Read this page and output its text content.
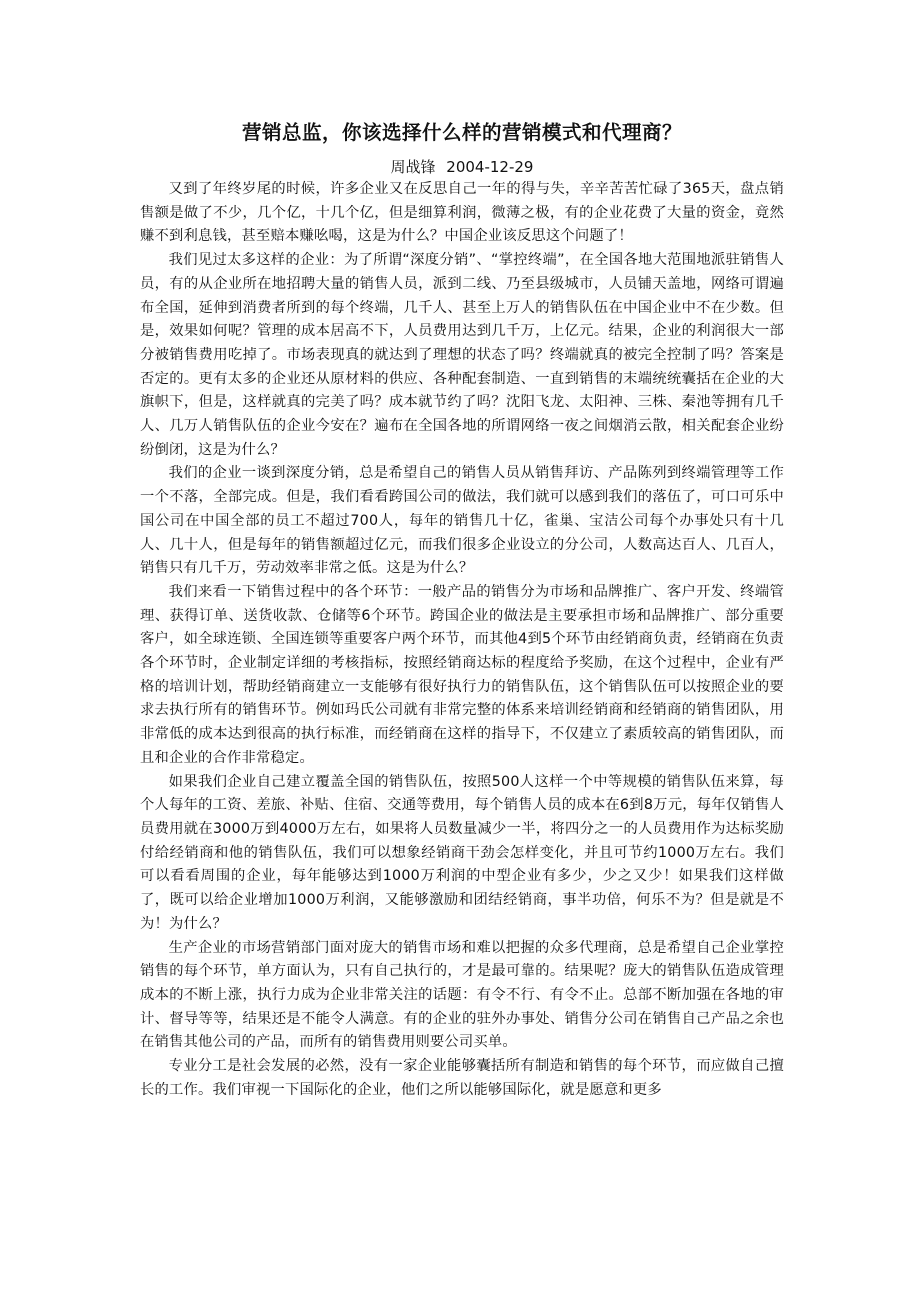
营销总监，你该选择什么样的营销模式和代理商？

周战锋 2004-12-29

又到了年终岁尾的时候，许多企业又在反思自己一年的得与失，辛辛苦苦忙碌了365天，盘点销售额是做了不少，几个亿，十几个亿，但是细算利润，微薄之极，有的企业花费了大量的资金，竟然赚不到利息钱，甚至赔本赚吆喝，这是为什么？中国企业该反思这个问题了！

我们见过太多这样的企业：为了所谓“深度分销”、“掌控终端”，在全国各地大范围地派驻销售人员，有的从企业所在地招聘大量的销售人员，派到二线、乃至县级城市，人员铺天盖地，网络可谓遍布全国，延伸到消费者所到的每个终端，几千人、甚至上万人的销售队伍在中国企业中不在少数。但是，效果如何呢？管理的成本居高不下，人员费用达到几千万，上亿元。结果，企业的利润很大一部分被销售费用吃掉了。市场表现真的就达到了理想的状态了吗？终端就真的被完全控制了吗？答案是否定的。更有太多的企业还从原材料的供应、各种配套制造、一直到销售的末端统统囊括在企业的大旗帜下，但是，这样就真的完美了吗？成本就节约了吗？沈阳飞龙、太阳神、三株、秦池等拥有几千人、几万人销售队伍的企业今安在？遍布在全国各地的所谓网络一夜之间烟消云散，相关配套企业纷纷倒闭，这是为什么？

我们的企业一谈到深度分销，总是希望自己的销售人员从销售拜访、产品陈列到终端管理等工作一个不落，全部完成。但是，我们看看跨国公司的做法，我们就可以感到我们的落伍了，可口可乐中国公司在中国全部的员工不超过700人，每年的销售几十亿，雀巢、宝洁公司每个办事处只有十几人、几十人，但是每年的销售额超过亿元，而我们很多企业设立的分公司，人数高达百人、几百人，销售只有几千万，劳动效率非常之低。这是为什么？

我们来看一下销售过程中的各个环节：一般产品的销售分为市场和品牌推广、客户开发、终端管理、获得订单、送货收款、仓储等6个环节。跨国企业的做法是主要承担市场和品牌推广、部分重要客户，如全球连锁、全国连锁等重要客户两个环节，而其他4到5个环节由经销商负责，经销商在负责各个环节时，企业制定详细的考核指标，按照经销商达标的程度给予奖励，在这个过程中，企业有严格的培训计划，帮助经销商建立一支能够有很好执行力的销售队伍，这个销售队伍可以按照企业的要求去执行所有的销售环节。例如玛氏公司就有非常完整的体系来培训经销商和经销商的销售团队，用非常低的成本达到很高的执行标准，而经销商在这样的指导下，不仅建立了素质较高的销售团队，而且和企业的合作非常稳定。

如果我们企业自己建立覆盖全国的销售队伍，按照500人这样一个中等规模的销售队伍来算，每个人每年的工资、差旅、补贴、住宿、交通等费用，每个销售人员的成本在6到8万元，每年仅销售人员费用就在3000万到4000万左右，如果将人员数量减少一半，将四分之一的人员费用作为达标奖励付给经销商和他的销售队伍，我们可以想象经销商干劲会怎样变化，并且可节约1000万左右。我们可以看看周围的企业，每年能够达到1000万利润的中型企业有多少，少之又少！如果我们这样做了，既可以给企业增加1000万利润，又能够激励和团结经销商，事半功倍，何乐不为？但是就是不为！为什么？

生产企业的市场营销部门面对庞大的销售市场和难以把握的众多代理商，总是希望自己企业掌控销售的每个环节，单方面认为，只有自己执行的，才是最可靠的。结果呢？庞大的销售队伍造成管理成本的不断上涨，执行力成为企业非常关注的话题：有令不行、有令不止。总部不断加强在各地的审计、督导等等，结果还是不能令人满意。有的企业的驻外办事处、销售分公司在销售自己产品之余也在销售其他公司的产品，而所有的销售费用则要公司买单。

专业分工是社会发展的必然，没有一家企业能够囊括所有制造和销售的每个环节，而应做自己擅长的工作。我们审视一下国际化的企业，他们之所以能够国际化，就是愿意和更多
